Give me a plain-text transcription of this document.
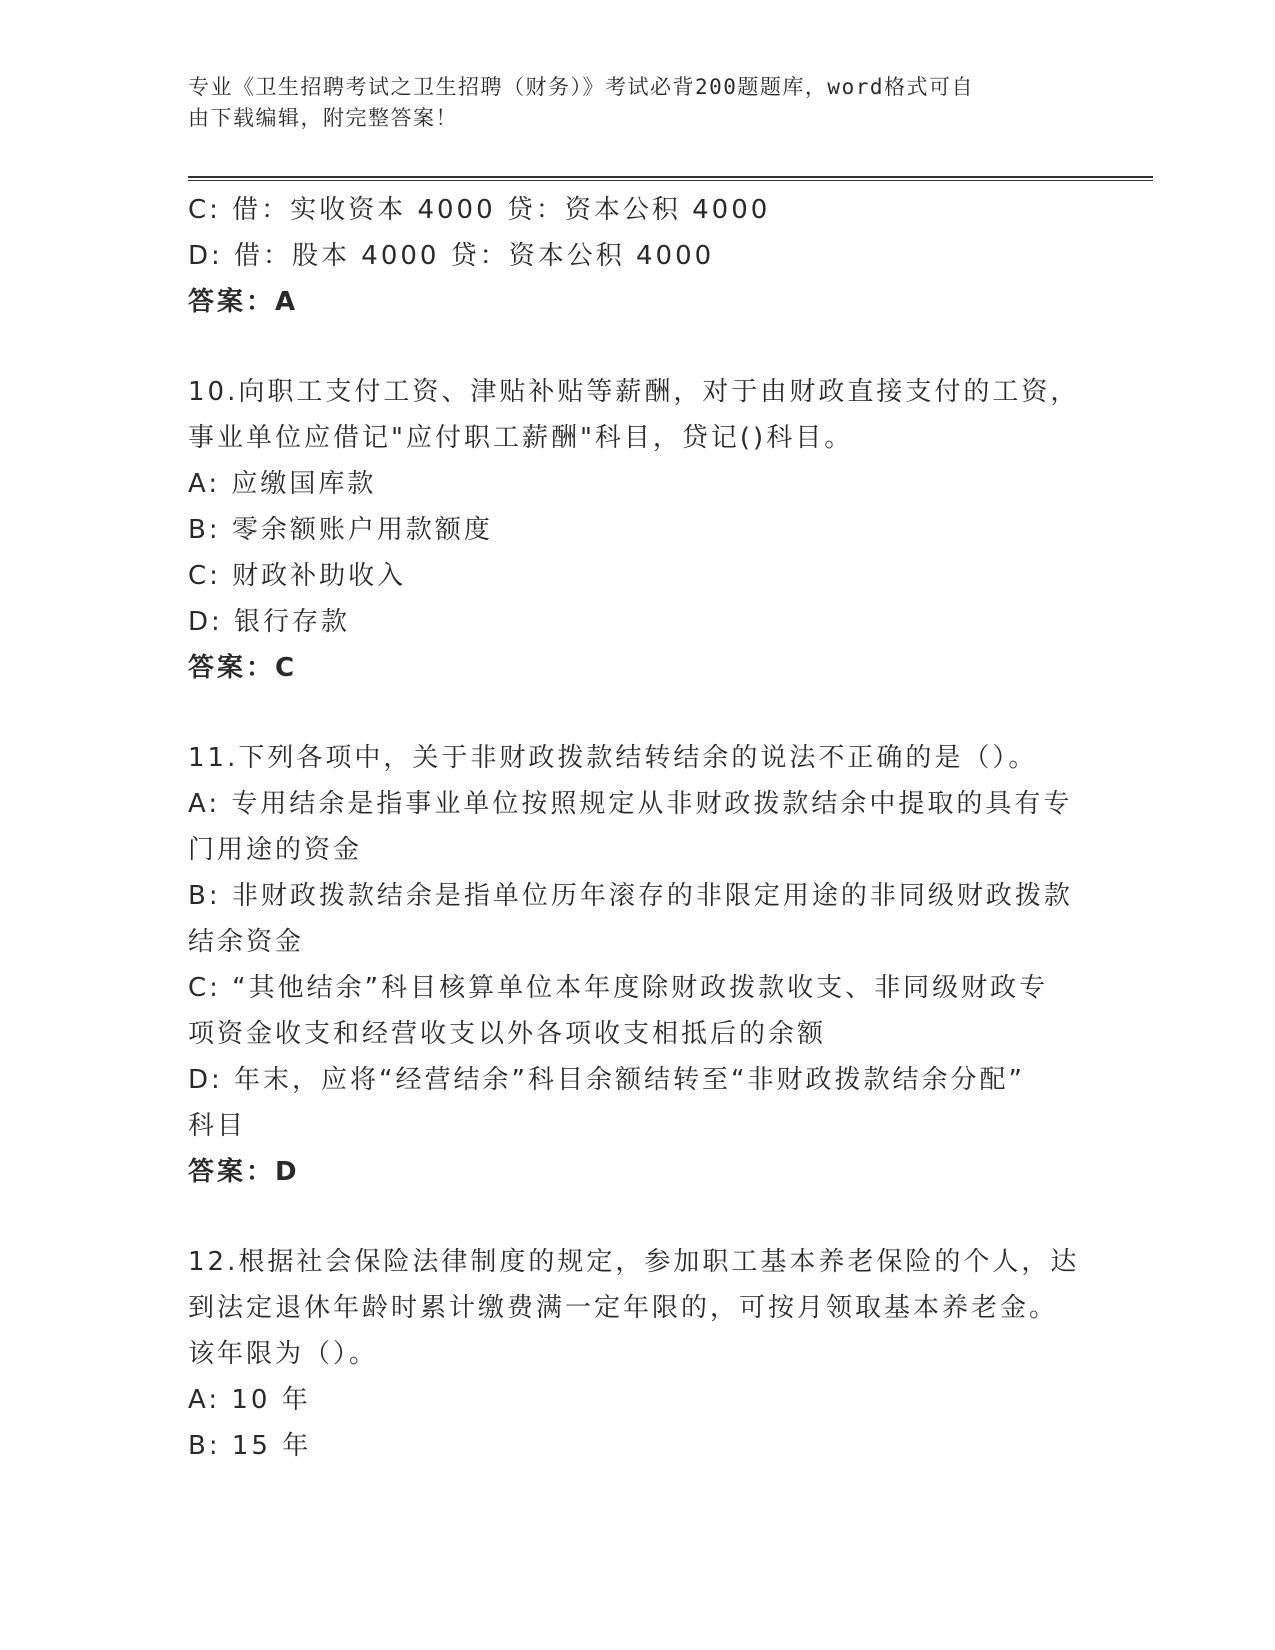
专业《卫生招聘考试之卫生招聘（财务）》考试必背200题题库，word格式可自
由下载编辑，附完整答案！
C: 借：实收资本 4000 贷：资本公积 4000
D: 借：股本 4000 贷：资本公积 4000
答案：A
10.向职工支付工资、津贴补贴等薪酬，对于由财政直接支付的工资，
事业单位应借记"应付职工薪酬"科目，贷记()科目。
A: 应缴国库款
B: 零余额账户用款额度
C: 财政补助收入
D: 银行存款
答案：C
11.下列各项中，关于非财政拨款结转结余的说法不正确的是（）。
A: 专用结余是指事业单位按照规定从非财政拨款结余中提取的具有专
门用途的资金
B: 非财政拨款结余是指单位历年滚存的非限定用途的非同级财政拨款
结余资金
C: “其他结余”科目核算单位本年度除财政拨款收支、非同级财政专
项资金收支和经营收支以外各项收支相抵后的余额
D: 年末，应将“经营结余”科目余额结转至“非财政拨款结余分配”
科目
答案：D
12.根据社会保险法律制度的规定，参加职工基本养老保险的个人，达
到法定退休年龄时累计缴费满一定年限的，可按月领取基本养老金。
该年限为（）。
A: 10 年
B: 15 年
